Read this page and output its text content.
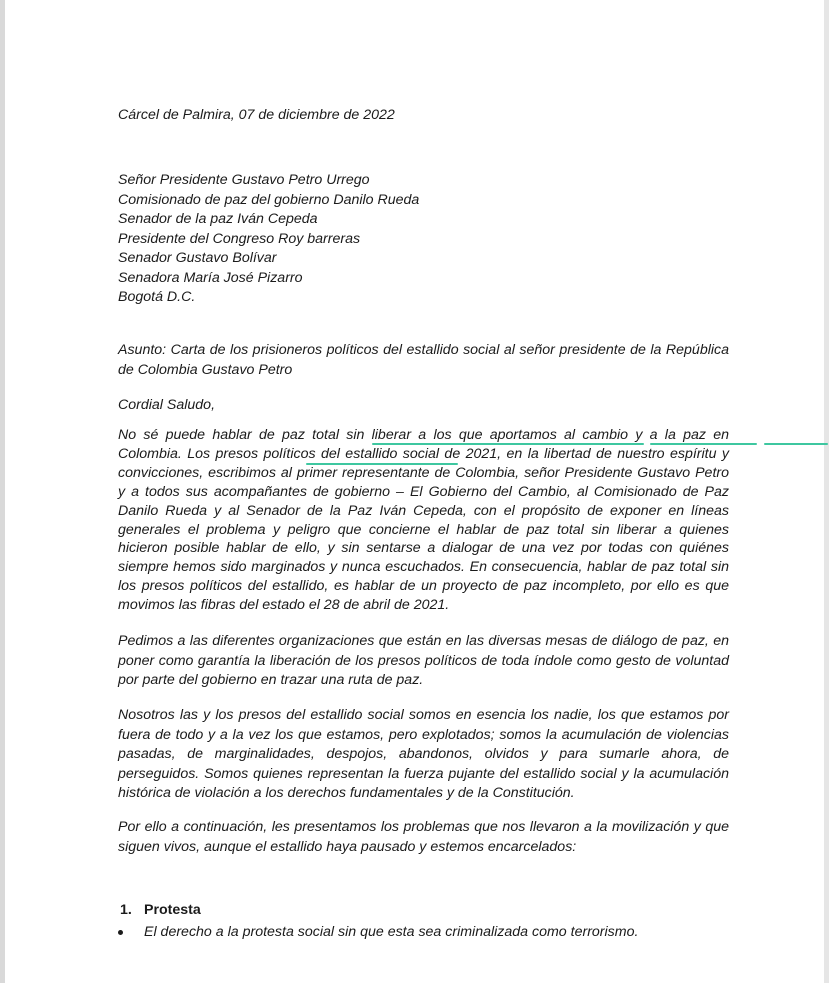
Cárcel de Palmira, 07 de diciembre de 2022
Señor Presidente Gustavo Petro Urrego
Comisionado de paz del gobierno Danilo Rueda
Senador de la paz Iván Cepeda
Presidente del Congreso Roy barreras
Senador Gustavo Bolívar
Senadora María José Pizarro
Bogotá D.C.
Asunto: Carta de los prisioneros políticos del estallido social al señor presidente de la República de Colombia Gustavo Petro
Cordial Saludo,
No sé puede hablar de paz total sin liberar a los que aportamos al cambio y a la paz en Colombia. Los presos políticos del estallido social de 2021, en la libertad de nuestro espíritu y convicciones, escribimos al primer representante de Colombia, señor Presidente Gustavo Petro y a todos sus acompañantes de gobierno – El Gobierno del Cambio, al Comisionado de Paz Danilo Rueda y al Senador de la Paz Iván Cepeda, con el propósito de exponer en líneas generales el problema y peligro que concierne el hablar de paz total sin liberar a quienes hicieron posible hablar de ello, y sin sentarse a dialogar de una vez por todas con quiénes siempre hemos sido marginados y nunca escuchados. En consecuencia, hablar de paz total sin los presos políticos del estallido, es hablar de un proyecto de paz incompleto, por ello es que movimos las fibras del estado el 28 de abril de 2021.
Pedimos a las diferentes organizaciones que están en las diversas mesas de diálogo de paz, en poner como garantía la liberación de los presos políticos de toda índole como gesto de voluntad por parte del gobierno en trazar una ruta de paz.
Nosotros las y los presos del estallido social somos en esencia los nadie, los que estamos por fuera de todo y a la vez los que estamos, pero explotados; somos la acumulación de violencias pasadas, de marginalidades, despojos, abandonos, olvidos y para sumarle ahora, de perseguidos. Somos quienes representan la fuerza pujante del estallido social y la acumulación histórica de violación a los derechos fundamentales y de la Constitución.
Por ello a continuación, les presentamos los problemas que nos llevaron a la movilización y que siguen vivos, aunque el estallido haya pausado y estemos encarcelados:
1. Protesta
El derecho a la protesta social sin que esta sea criminalizada como terrorismo.
